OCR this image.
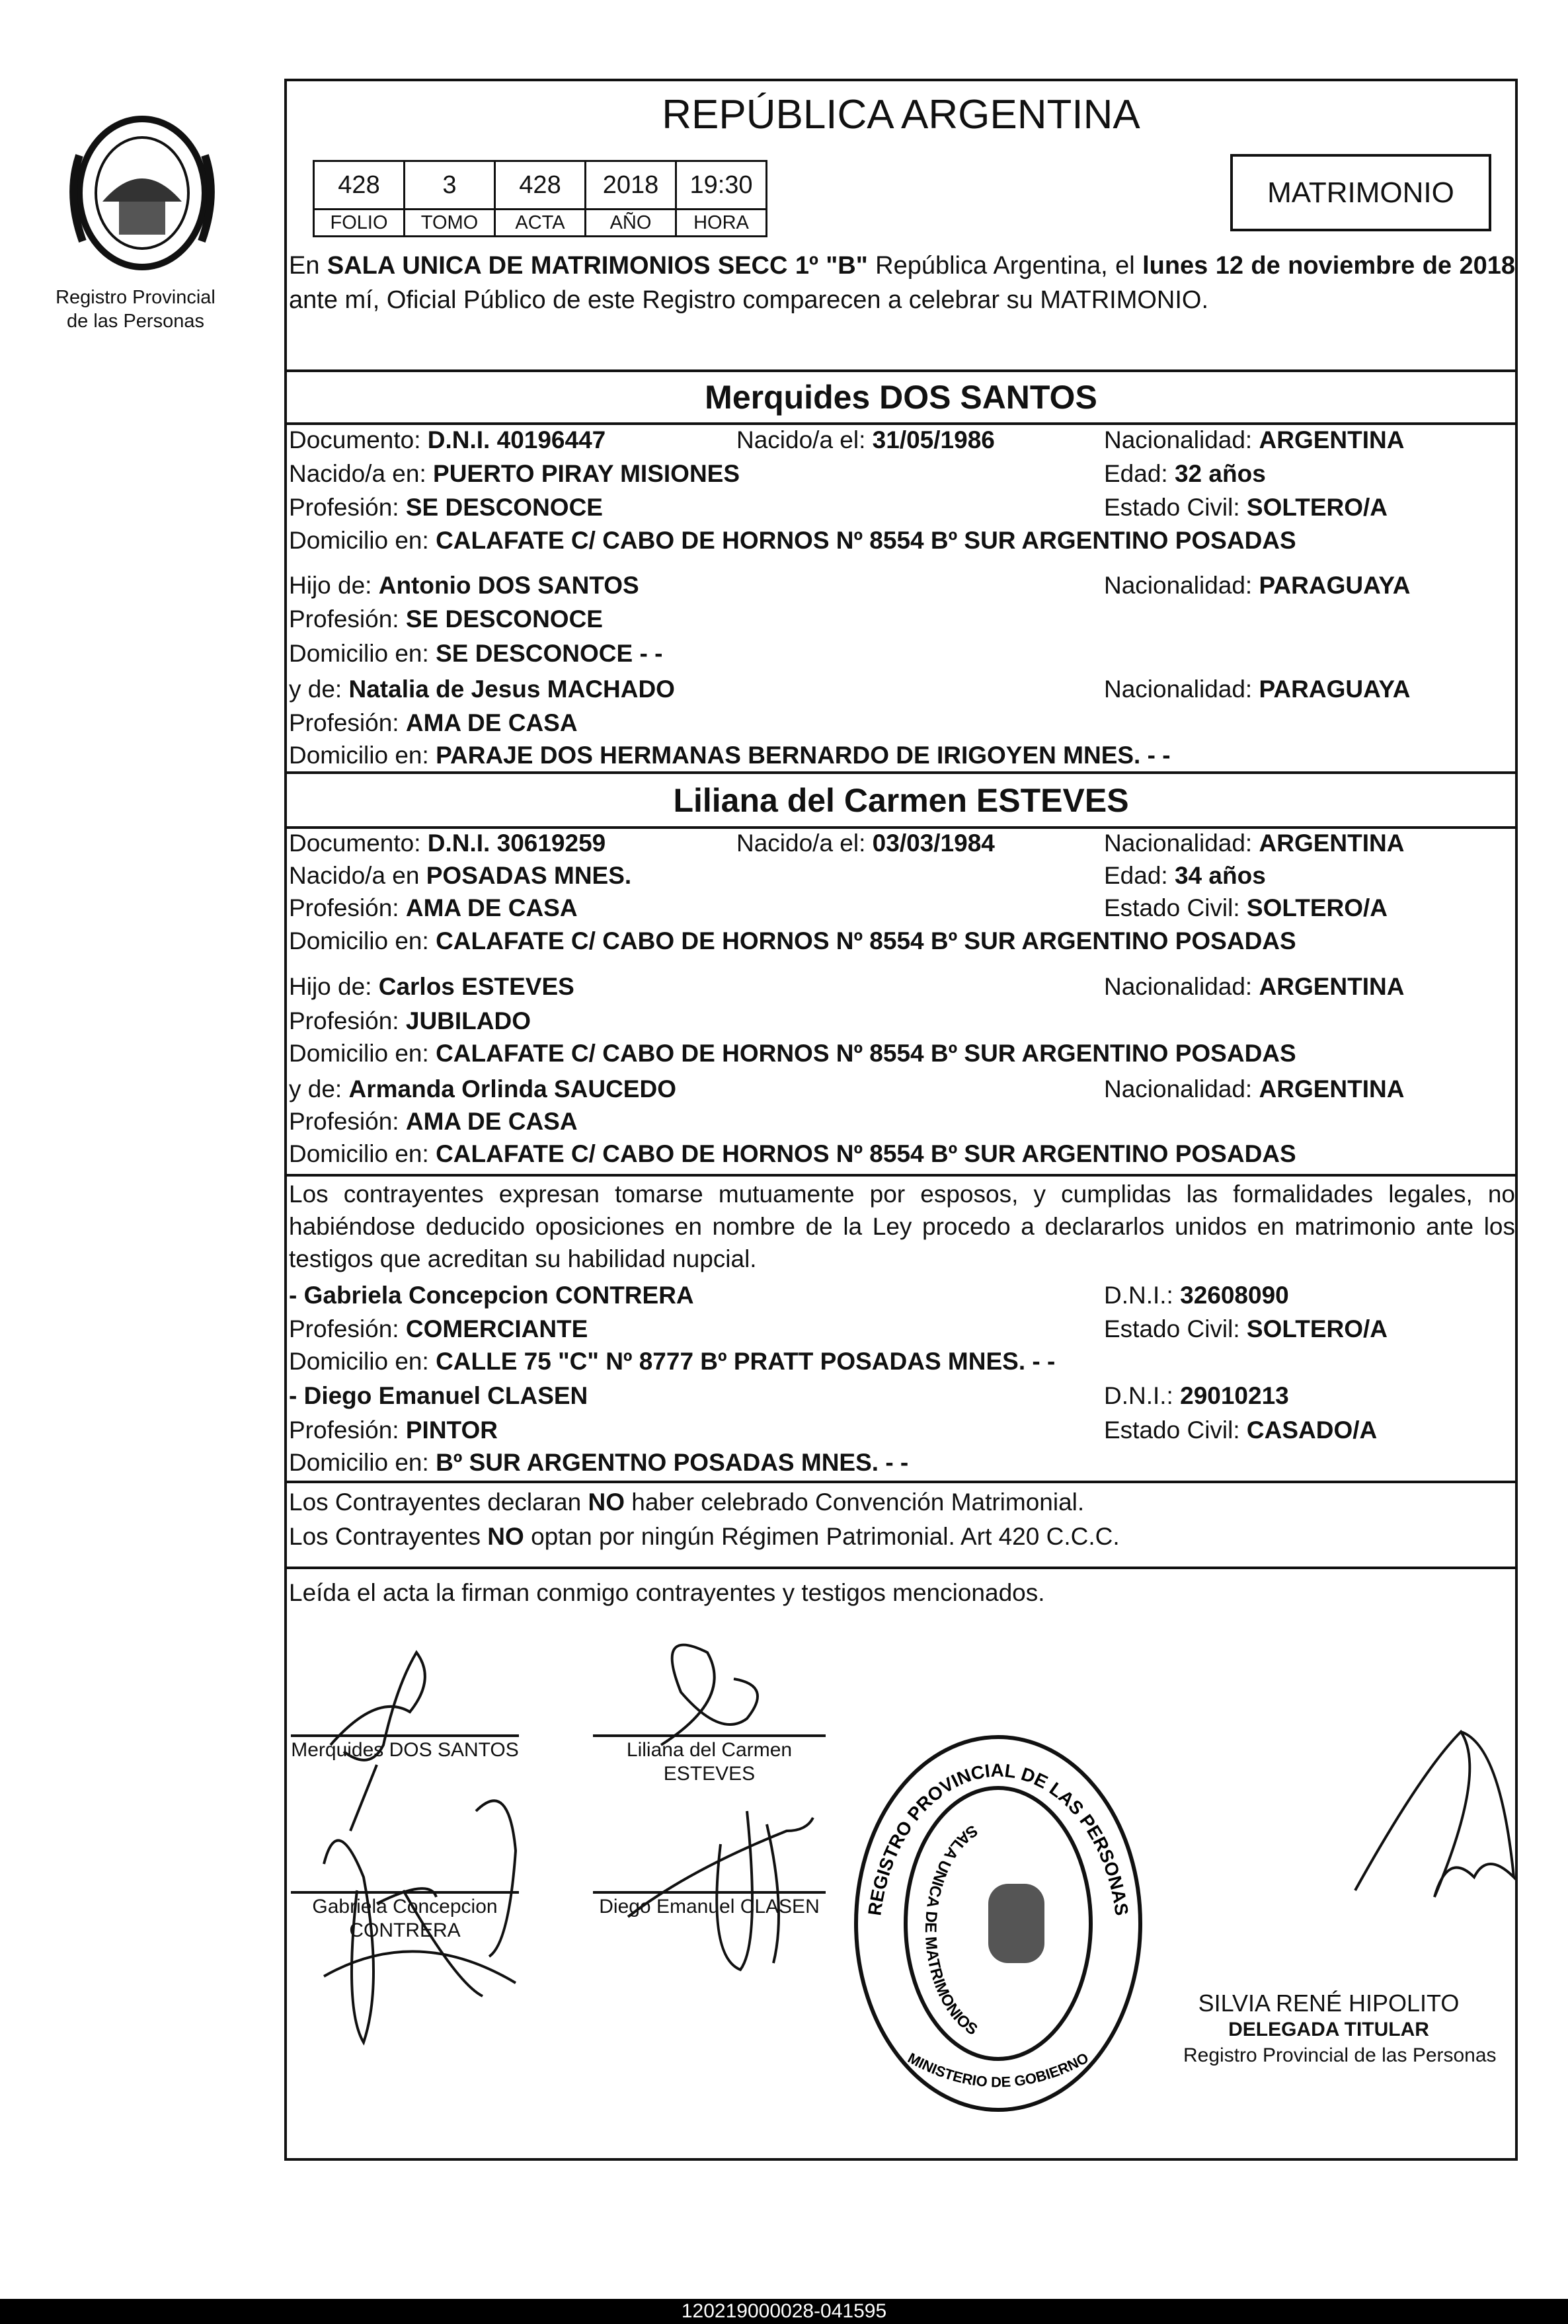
Registro Provincial
de las Personas
REPÚBLICA ARGENTINA
428	3	428	2018	19:30
FOLIO	TOMO	ACTA	AÑO	HORA
MATRIMONIO
En SALA UNICA DE MATRIMONIOS SECC 1º "B" República Argentina, el lunes 12 de noviembre de 2018 ante mí, Oficial Público de este Registro comparecen a celebrar su MATRIMONIO.
Merquides DOS SANTOS
Documento: D.N.I. 40196447	Nacido/a el: 31/05/1986	Nacionalidad: ARGENTINA
Nacido/a en: PUERTO PIRAY MISIONES	Edad: 32 años
Profesión: SE DESCONOCE	Estado Civil: SOLTERO/A
Domicilio en: CALAFATE C/ CABO DE HORNOS Nº 8554 Bº SUR ARGENTINO POSADAS
Hijo de: Antonio DOS SANTOS	Nacionalidad: PARAGUAYA
Profesión: SE DESCONOCE
Domicilio en: SE DESCONOCE - -
y de: Natalia de Jesus MACHADO	Nacionalidad: PARAGUAYA
Profesión: AMA DE CASA
Domicilio en: PARAJE DOS HERMANAS BERNARDO DE IRIGOYEN MNES. - -
Liliana del Carmen ESTEVES
Documento: D.N.I. 30619259	Nacido/a el: 03/03/1984	Nacionalidad: ARGENTINA
Nacido/a en POSADAS MNES.	Edad: 34 años
Profesión: AMA DE CASA	Estado Civil: SOLTERO/A
Domicilio en: CALAFATE C/ CABO DE HORNOS Nº 8554 Bº SUR ARGENTINO POSADAS
Hijo de: Carlos ESTEVES	Nacionalidad: ARGENTINA
Profesión: JUBILADO
Domicilio en: CALAFATE C/ CABO DE HORNOS Nº 8554 Bº SUR ARGENTINO POSADAS
y de: Armanda Orlinda SAUCEDO	Nacionalidad: ARGENTINA
Profesión: AMA DE CASA
Domicilio en: CALAFATE C/ CABO DE HORNOS Nº 8554 Bº SUR ARGENTINO POSADAS
Los contrayentes expresan tomarse mutuamente por esposos, y cumplidas las formalidades legales, no habiéndose deducido oposiciones en nombre de la Ley procedo a declararlos unidos en matrimonio ante los testigos que acreditan su habilidad nupcial.
- Gabriela Concepcion CONTRERA	D.N.I.: 32608090
Profesión: COMERCIANTE	Estado Civil: SOLTERO/A
Domicilio en: CALLE 75 "C" Nº 8777 Bº PRATT POSADAS MNES. - -
- Diego Emanuel CLASEN	D.N.I.: 29010213
Profesión: PINTOR	Estado Civil: CASADO/A
Domicilio en: Bº SUR ARGENTNO POSADAS MNES. - -
Los Contrayentes declaran NO haber celebrado Convención Matrimonial.
Los Contrayentes NO optan por ningún Régimen Patrimonial. Art 420 C.C.C.
Leída el acta la firman conmigo contrayentes y testigos mencionados.
Merquides DOS SANTOS	Liliana del Carmen
ESTEVES
Gabriela Concepcion
CONTRERA
Diego Emanuel CLASEN	REGISTRO PROVINCIAL DE LAS PERSONAS
SALA UNICA DE MATRIMONIOS
MINISTERIO DE GOBIERNO
SILVIA RENÉ HIPOLITO
DELEGADA TITULAR
Registro Provincial de las Personas
120219000028-041595
